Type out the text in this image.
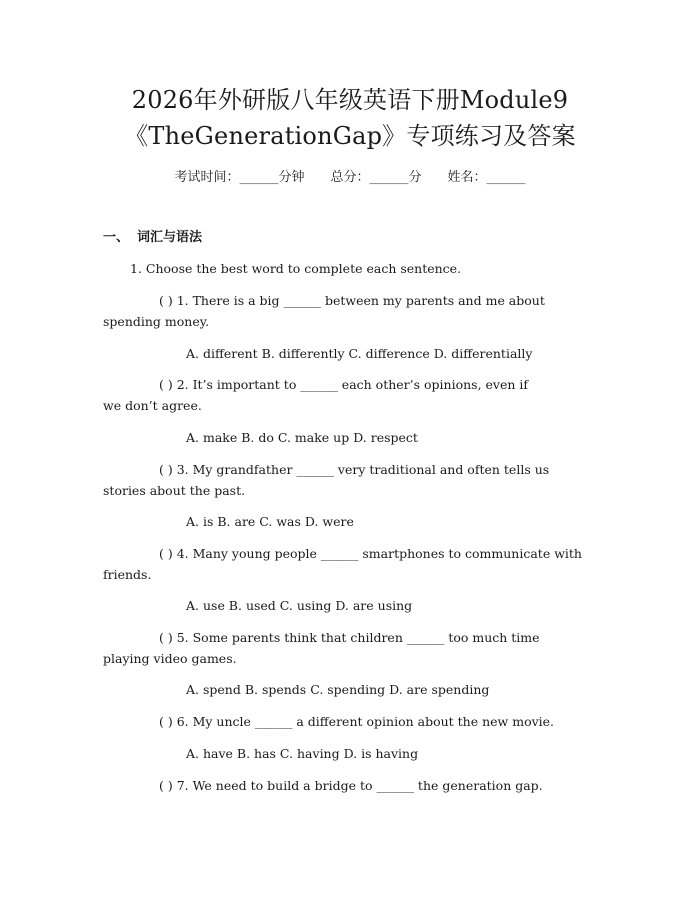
2026年外研版八年级英语下册Module9
《TheGenerationGap》专项练习及答案
考试时间：______分钟 总分：______分 姓名：______
一、 词汇与语法
1. Choose the best word to complete each sentence.
( ) 1. There is a big ______ between my parents and me about
spending money.
A. different B. differently C. difference D. differentially
( ) 2. It’s important to ______ each other’s opinions, even if
we don’t agree.
A. make B. do C. make up D. respect
( ) 3. My grandfather ______ very traditional and often tells us
stories about the past.
A. is B. are C. was D. were
( ) 4. Many young people ______ smartphones to communicate with
friends.
A. use B. used C. using D. are using
( ) 5. Some parents think that children ______ too much time
playing video games.
A. spend B. spends C. spending D. are spending
( ) 6. My uncle ______ a different opinion about the new movie.
A. have B. has C. having D. is having
( ) 7. We need to build a bridge to ______ the generation gap.
